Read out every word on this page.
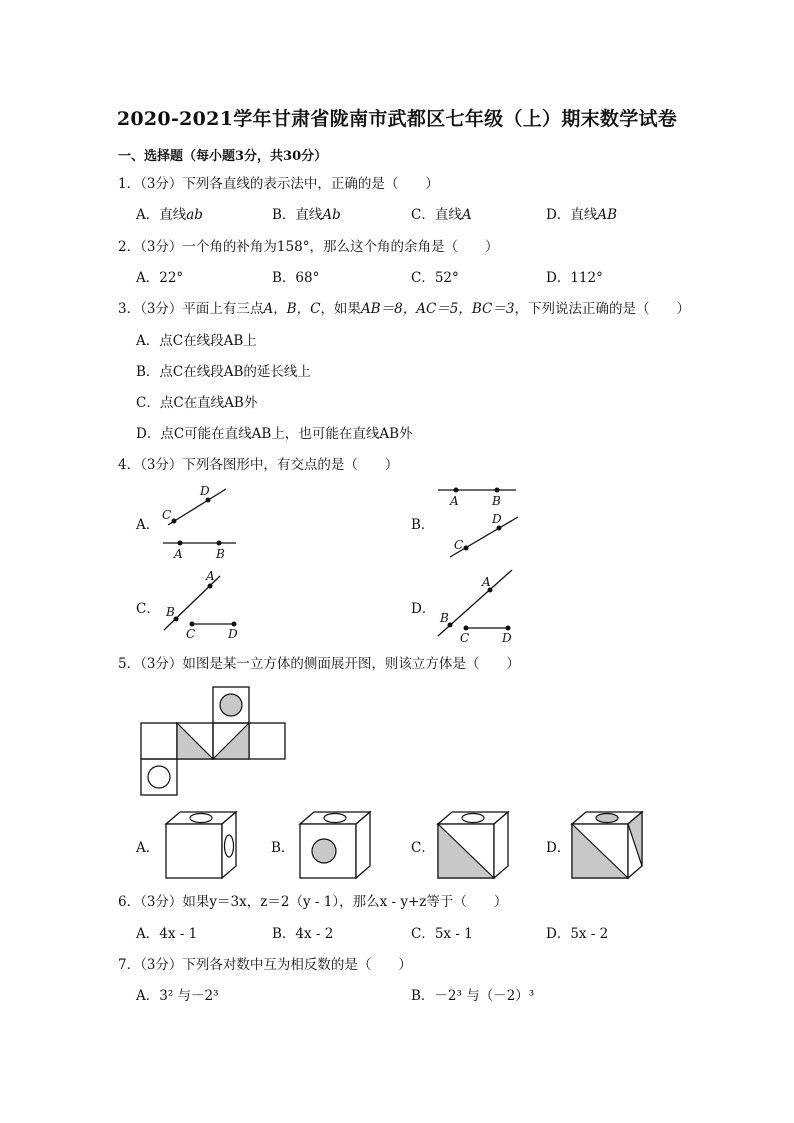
2020-2021学年甘肃省陇南市武都区七年级（上）期末数学试卷
一、选择题（每小题3分，共30分）
1．（3分）下列各直线的表示法中，正确的是（　　）
A．直线ab	B．直线Ab	C．直线A	D．直线AB
2．（3分）一个角的补角为158°，那么这个角的余角是（　　）
A．22°	B．68°	C．52°	D．112°
3．（3分）平面上有三点A，B，C，如果AB＝8，AC＝5，BC＝3，下列说法正确的是（　　）
A．点C在线段AB上
B．点C在线段AB的延长线上
C．点C在直线AB外
D．点C可能在直线AB上，也可能在直线AB外
4．（3分）下列各图形中，有交点的是（　　）
A．
D
C
A	B
B．
A	B
D
C
C．
A
B
C	D
D．
A
B
C	D
5．（3分）如图是某一立方体的侧面展开图，则该立方体是（　　）
A．	B．	C．	D．
6．（3分）如果y＝3x，z＝2（y - 1），那么x - y+z等于（　　）
A．4x - 1	B．4x - 2	C．5x - 1	D．5x - 2
7．（3分）下列各对数中互为相反数的是（　　）
A．3² 与－2³	B．－2³ 与（－2）³
